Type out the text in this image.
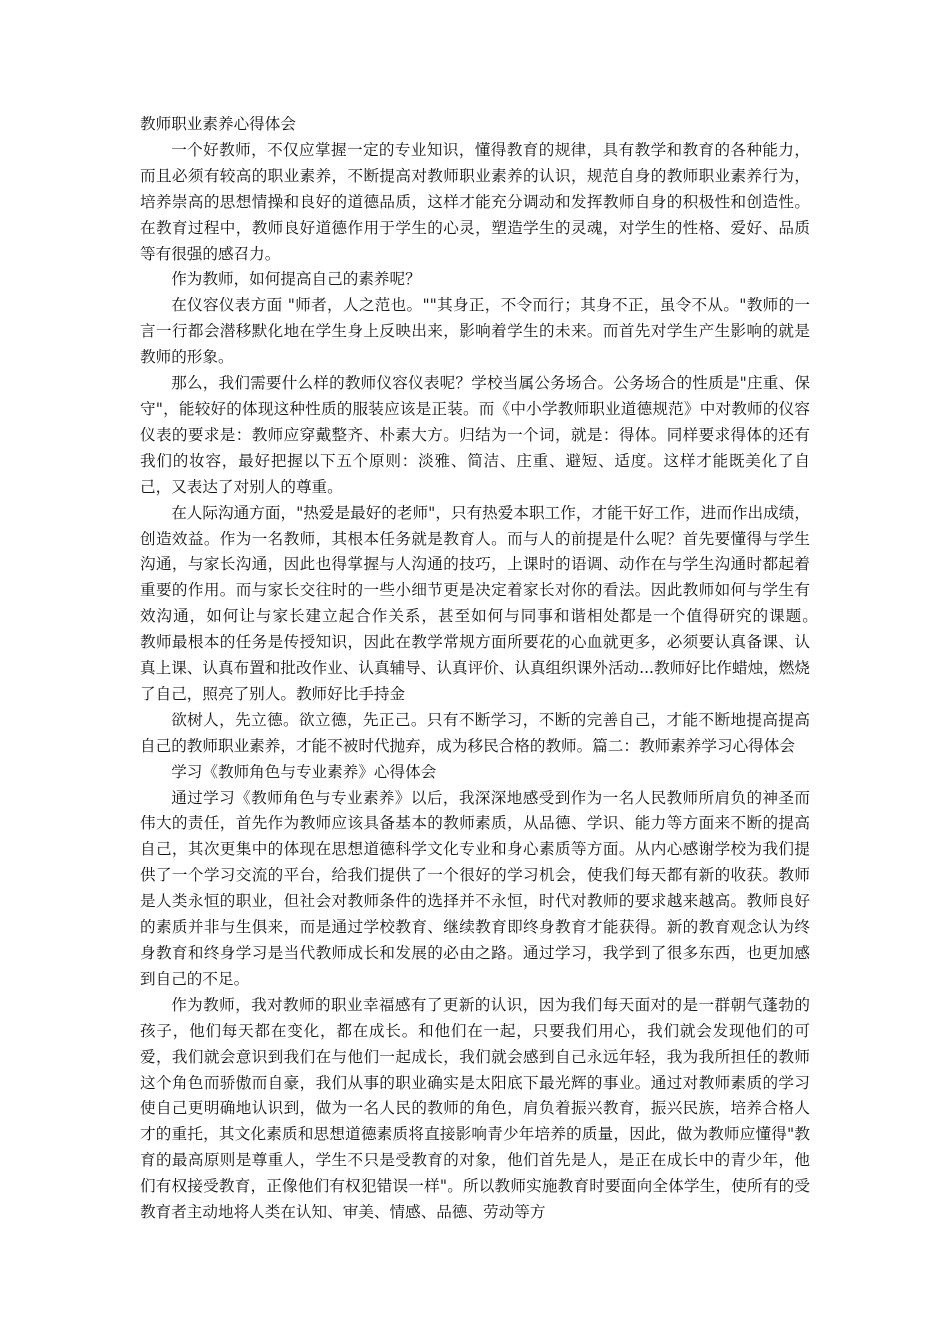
教师职业素养心得体会

一个好教师，不仅应掌握一定的专业知识，懂得教育的规律，具有教学和教育的各种能力，而且必须有较高的职业素养，不断提高对教师职业素养的认识，规范自身的教师职业素养行为，培养崇高的思想情操和良好的道德品质，这样才能充分调动和发挥教师自身的积极性和创造性。在教育过程中，教师良好道德作用于学生的心灵，塑造学生的灵魂，对学生的性格、爱好、品质等有很强的感召力。

作为教师，如何提高自己的素养呢？

在仪容仪表方面 "师者，人之范也。""其身正，不令而行；其身不正，虽令不从。"教师的一言一行都会潜移默化地在学生身上反映出来，影响着学生的未来。而首先对学生产生影响的就是教师的形象。

那么，我们需要什么样的教师仪容仪表呢？学校当属公务场合。公务场合的性质是"庄重、保守"，能较好的体现这种性质的服装应该是正装。而《中小学教师职业道德规范》中对教师的仪容仪表的要求是：教师应穿戴整齐、朴素大方。归结为一个词，就是：得体。同样要求得体的还有我们的妆容，最好把握以下五个原则：淡雅、简洁、庄重、避短、适度。这样才能既美化了自己，又表达了对别人的尊重。

在人际沟通方面，"热爱是最好的老师"，只有热爱本职工作，才能干好工作，进而作出成绩，创造效益。作为一名教师，其根本任务就是教育人。而与人的前提是什么呢？首先要懂得与学生沟通，与家长沟通，因此也得掌握与人沟通的技巧，上课时的语调、动作在与学生沟通时都起着重要的作用。而与家长交往时的一些小细节更是决定着家长对你的看法。因此教师如何与学生有效沟通，如何让与家长建立起合作关系，甚至如何与同事和谐相处都是一个值得研究的课题。　　　教师最根本的任务是传授知识，因此在教学常规方面所要花的心血就更多，必须要认真备课、认真上课、认真布置和批改作业、认真辅导、认真评价、认真组织课外活动...教师好比作蜡烛，燃烧了自己，照亮了别人。教师好比手持金

欲树人，先立德。欲立德，先正己。只有不断学习，不断的完善自己，才能不断地提高提高自己的教师职业素养，才能不被时代抛弃，成为移民合格的教师。篇二：教师素养学习心得体会

学习《教师角色与专业素养》心得体会

通过学习《教师角色与专业素养》以后，我深深地感受到作为一名人民教师所肩负的神圣而伟大的责任，首先作为教师应该具备基本的教师素质，从品德、学识、能力等方面来不断的提高自己，其次更集中的体现在思想道德科学文化专业和身心素质等方面。从内心感谢学校为我们提供了一个学习交流的平台，给我们提供了一个很好的学习机会，使我们每天都有新的收获。教师是人类永恒的职业，但社会对教师条件的选择并不永恒，时代对教师的要求越来越高。教师良好的素质并非与生俱来，而是通过学校教育、继续教育即终身教育才能获得。新的教育观念认为终身教育和终身学习是当代教师成长和发展的必由之路。通过学习，我学到了很多东西，也更加感到自己的不足。

作为教师，我对教师的职业幸福感有了更新的认识，因为我们每天面对的是一群朝气蓬勃的孩子，他们每天都在变化，都在成长。和他们在一起，只要我们用心，我们就会发现他们的可爱，我们就会意识到我们在与他们一起成长，我们就会感到自己永远年轻，我为我所担任的教师这个角色而骄傲而自豪，我们从事的职业确实是太阳底下最光辉的事业。通过对教师素质的学习使自己更明确地认识到，做为一名人民的教师的角色，肩负着振兴教育，振兴民族，培养合格人才的重托，其文化素质和思想道德素质将直接影响青少年培养的质量，因此，做为教师应懂得"教育的最高原则是尊重人，学生不只是受教育的对象，他们首先是人，是正在成长中的青少年，他们有权接受教育，正像他们有权犯错误一样"。所以教师实施教育时要面向全体学生，使所有的受教育者主动地将人类在认知、审美、情感、品德、劳动等方
